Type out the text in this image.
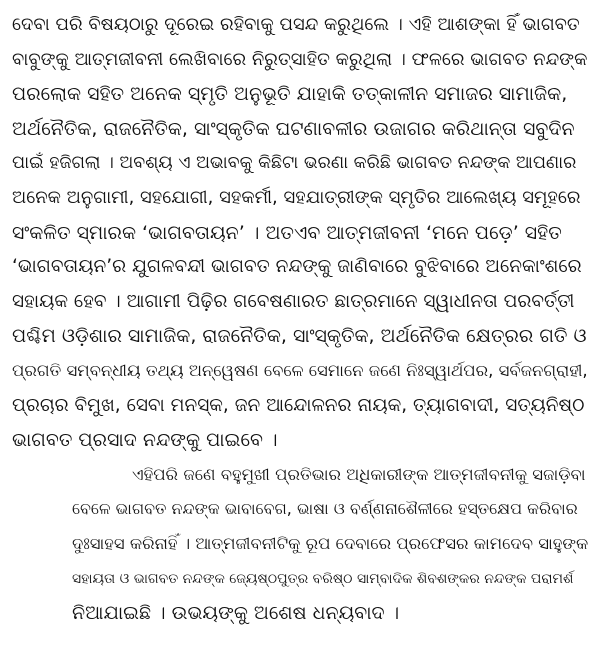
ଦେବା ପରି ବିଷୟଠାରୁ ଦୂରେଇ ରହିବାକୁ ପସନ୍ଦ କରୁଥିଲେ । ଏହି ଆଶଙ୍କା ହିଁ ଭାଗବତ
ବାବୁଙ୍କୁ ଆତ୍ମଜୀବନୀ ଲେଖିବାରେ ନିରୁତ୍ସାହିତ କରୁଥିଲା । ଫଳରେ ଭାଗବତ ନନ୍ଦଙ୍କ
ପରଲୋକ ସହିତ ଅନେକ ସ୍ମୃତି ଅନୁଭୂତି ଯାହାକି ତତ୍କାଳୀନ ସମାଜର ସାମାଜିକ,
ଅର୍ଥନୈତିକ, ରାଜନୈତିକ, ସାଂସ୍କୃତିକ ଘଟଣାବଳୀର ଉଜାଗର କରିଥାନ୍ତା ସବୁଦିନ
ପାଇଁ ହଜିଗଲା । ଅବଶ୍ୟ ଏ ଅଭାବକୁ କିଛିଟା ଭରଣା କରିଛି ଭାଗବତ ନନ୍ଦଙ୍କ ଆପଣାର
ଅନେକ ଅନୁଗାମୀ, ସହଯୋଗୀ, ସହକର୍ମୀ, ସହଯାତ୍ରୀଙ୍କ ସ୍ମୃତିର ଆଲେଖ୍ୟ ସମୂହରେ
ସଂକଳିତ ସ୍ମାରକ ‘ଭାଗବତାୟନ’ । ଅତଏବ ଆତ୍ମଜୀବନୀ ‘ମନେ ପଡ଼େ’ ସହିତ
‘ଭାଗବତାୟନ’ର ଯୁଗଳବନ୍ଦୀ ଭାଗବତ ନନ୍ଦଙ୍କୁ ଜାଣିବାରେ ବୁଝିବାରେ ଅନେକାଂଶରେ
ସହାୟକ ହେବ । ଆଗାମୀ ପିଢ଼ିର ଗବେଷଣାରତ ଛାତ୍ରମାନେ ସ୍ୱାଧୀନତା ପରବର୍ତ୍ତୀ
ପଶ୍ଚିମ ଓଡ଼ିଶାର ସାମାଜିକ, ରାଜନୈତିକ, ସାଂସ୍କୃତିକ, ଅର୍ଥନୈତିକ କ୍ଷେତ୍ରର ଗତି ଓ
ପ୍ରଗତି ସମ୍ବନ୍ଧୀୟ ତଥ୍ୟ ଅନ୍ୱେଷଣ ବେଳେ ସେମାନେ ଜଣେ ନିଃସ୍ୱାର୍ଥପର, ସର୍ବଜନଗ୍ରାହୀ,
ପ୍ରଚାର ବିମୁଖ, ସେବା ମନସ୍କ, ଜନ ଆନ୍ଦୋଳନର ନାୟକ, ତ୍ୟାଗବାଦୀ, ସତ୍ୟନିଷ୍ଠ
ଭାଗବତ ପ୍ରସାଦ ନନ୍ଦଙ୍କୁ ପାଇବେ ।

ଏହିପରି ଜଣେ ବହୁମୁଖୀ ପ୍ରତିଭାର ଅଧିକାରୀଙ୍କ ଆତ୍ମଜୀବନୀକୁ ସଜାଡ଼ିବା
ବେଳେ ଭାଗବତ ନନ୍ଦଙ୍କ ଭାବାବେଗ, ଭାଷା ଓ ବର୍ଣ୍ଣନାଶୈଳୀରେ ହସ୍ତକ୍ଷେପ କରିବାର
ଦୁଃସାହସ କରିନାହିଁ । ଆତ୍ମଜୀବନୀଟିକୁ ରୂପ ଦେବାରେ ପ୍ରଫେସର କାମଦେବ ସାହୁଙ୍କ
ସହାୟତା ଓ ଭାଗବତ ନନ୍ଦଙ୍କ ଜ୍ୟେଷ୍ଠପୁତ୍ର ବରିଷ୍ଠ ସାମ୍ବାଦିକ ଶିବଶଙ୍କର ନନ୍ଦଙ୍କ ପରାମର୍ଶ
ନିଆଯାଇଛି । ଉଭୟଙ୍କୁ ଅଶେଷ ଧନ୍ୟବାଦ ।
